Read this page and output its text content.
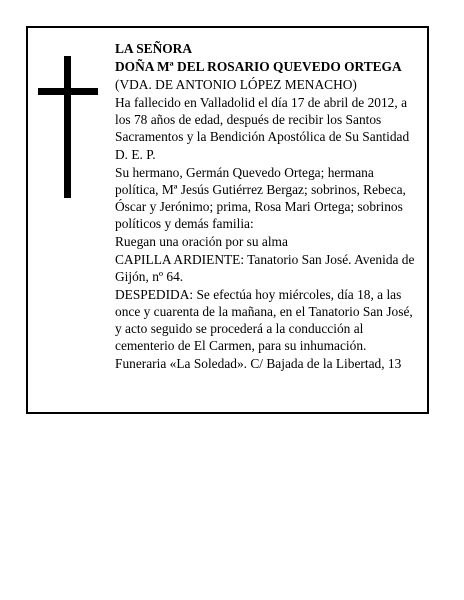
LA SEÑORA

DOÑA Mª DEL ROSARIO QUEVEDO ORTEGA

(VDA. DE ANTONIO LÓPEZ MENACHO)

Ha fallecido en Valladolid el día 17 de abril de 2012, a los 78 años de edad, después de recibir los Santos Sacramentos y la Bendición Apostólica de Su Santidad

D. E. P.

Su hermano, Germán Quevedo Ortega; hermana política, Mª Jesús Gutiérrez Bergaz; sobrinos, Rebeca, Óscar y Jerónimo; prima, Rosa Mari Ortega; sobrinos políticos y demás familia:

Ruegan una oración por su alma

CAPILLA ARDIENTE: Tanatorio San José. Avenida de Gijón, nº 64.

DESPEDIDA: Se efectúa hoy miércoles, día 18, a las once y cuarenta de la mañana, en el Tanatorio San José, y acto seguido se procederá a la conducción al cementerio de El Carmen, para su inhumación.

Funeraria «La Soledad». C/ Bajada de la Libertad, 13
